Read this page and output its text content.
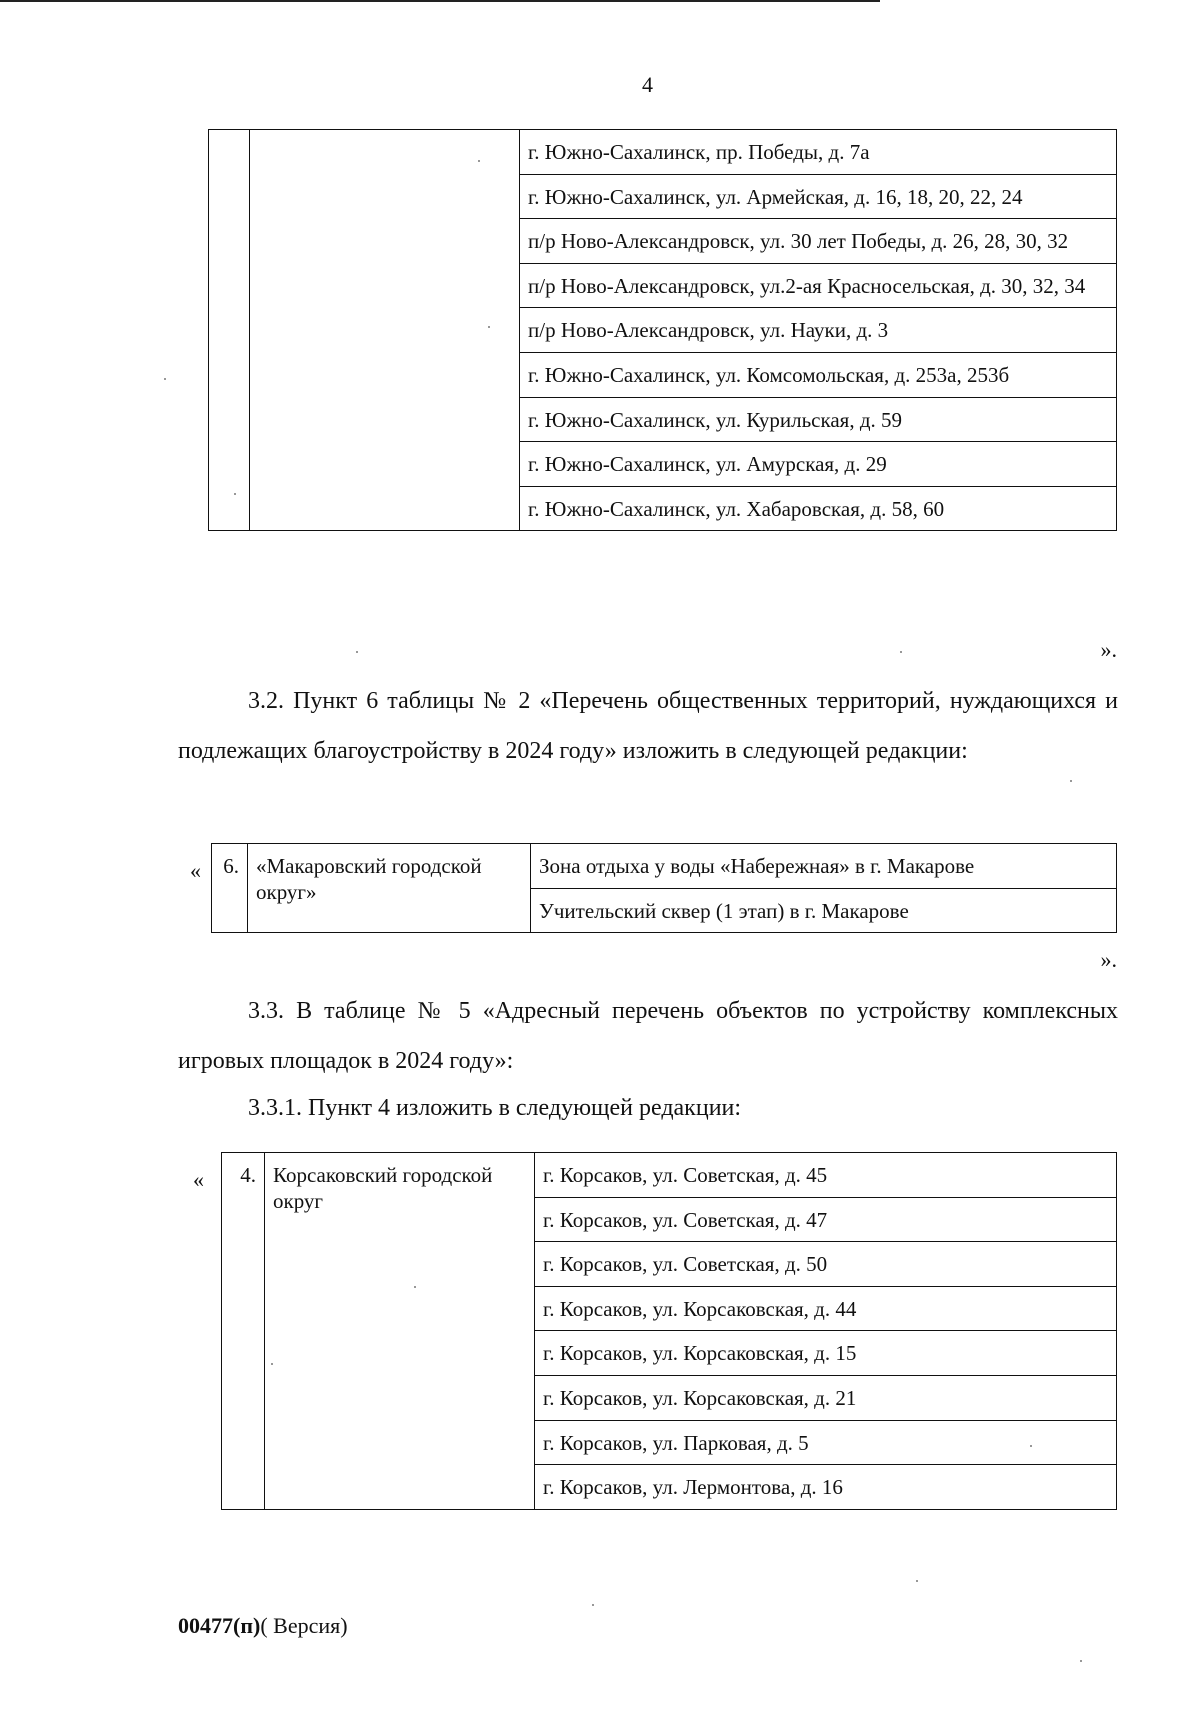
4
		г. Южно-Сахалинск, пр. Победы, д. 7а
г. Южно-Сахалинск, ул. Армейская, д. 16, 18, 20, 22, 24
п/р Ново-Александровск, ул. 30 лет Победы, д. 26, 28, 30, 32
п/р Ново-Александровск, ул.2-ая Красносельская, д. 30, 32, 34
п/р Ново-Александровск, ул. Науки, д. 3
г. Южно-Сахалинск, ул. Комсомольская, д. 253а, 253б
г. Южно-Сахалинск, ул. Курильская, д. 59
г. Южно-Сахалинск, ул. Амурская, д. 29
г. Южно-Сахалинск, ул. Хабаровская, д. 58, 60
».
3.2. Пункт 6 таблицы № 2 «Перечень общественных территорий, нуждающихся и подлежащих благоустройству в 2024 году» изложить в следующей редакции:
« 6.	«Макаровский городской округ»	Зона отдыха у воды «Набережная» в г. Макарове
Учительский сквер (1 этап) в г. Макарове
».
3.3. В таблице № 5 «Адресный перечень объектов по устройству комплексных игровых площадок в 2024 году»:
3.3.1. Пункт 4 изложить в следующей редакции:
« 4.	Корсаковский городской округ	г. Корсаков, ул. Советская, д. 45
г. Корсаков, ул. Советская, д. 47
г. Корсаков, ул. Советская, д. 50
г. Корсаков, ул. Корсаковская, д. 44
г. Корсаков, ул. Корсаковская, д. 15
г. Корсаков, ул. Корсаковская, д. 21
г. Корсаков, ул. Парковая, д. 5
г. Корсаков, ул. Лермонтова, д. 16
00477(п)( Версия)
